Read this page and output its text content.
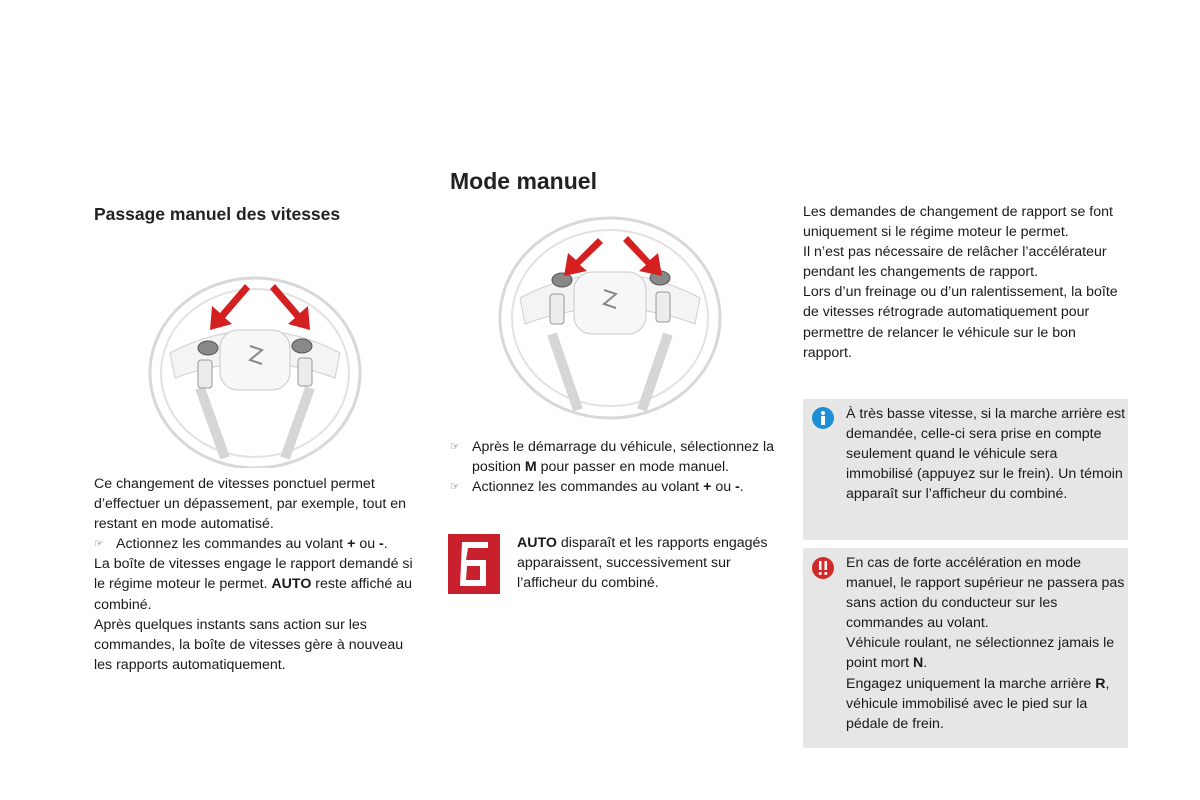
Mode manuel
Passage manuel des vitesses

Ce changement de vitesses ponctuel permet d’effectuer un dépassement, par exemple, tout en restant en mode automatisé.

☞ Actionnez les commandes au volant + ou -.

La boîte de vitesses engage le rapport demandé si le régime moteur le permet. AUTO reste affiché au combiné.

Après quelques instants sans action sur les commandes, la boîte de vitesses gère à nouveau les rapports automatiquement.

☞ Après le démarrage du véhicule, sélectionnez la position M pour passer en mode manuel.
☞ Actionnez les commandes au volant + ou -.

AUTO disparaît et les rapports engagés apparaissent, successivement sur l’afficheur du combiné.

Les demandes de changement de rapport se font uniquement si le régime moteur le permet.
Il n’est pas nécessaire de relâcher l’accélérateur pendant les changements de rapport.
Lors d’un freinage ou d’un ralentissement, la boîte de vitesses rétrograde automatiquement pour permettre de relancer le véhicule sur le bon rapport.

À très basse vitesse, si la marche arrière est demandée, celle-ci sera prise en compte seulement quand le véhicule sera immobilisé (appuyez sur le frein). Un témoin apparaît sur l’afficheur du combiné.

En cas de forte accélération en mode manuel, le rapport supérieur ne passera pas sans action du conducteur sur les commandes au volant.

Véhicule roulant, ne sélectionnez jamais le point mort N.

Engagez uniquement la marche arrière R, véhicule immobilisé avec le pied sur la pédale de frein.
